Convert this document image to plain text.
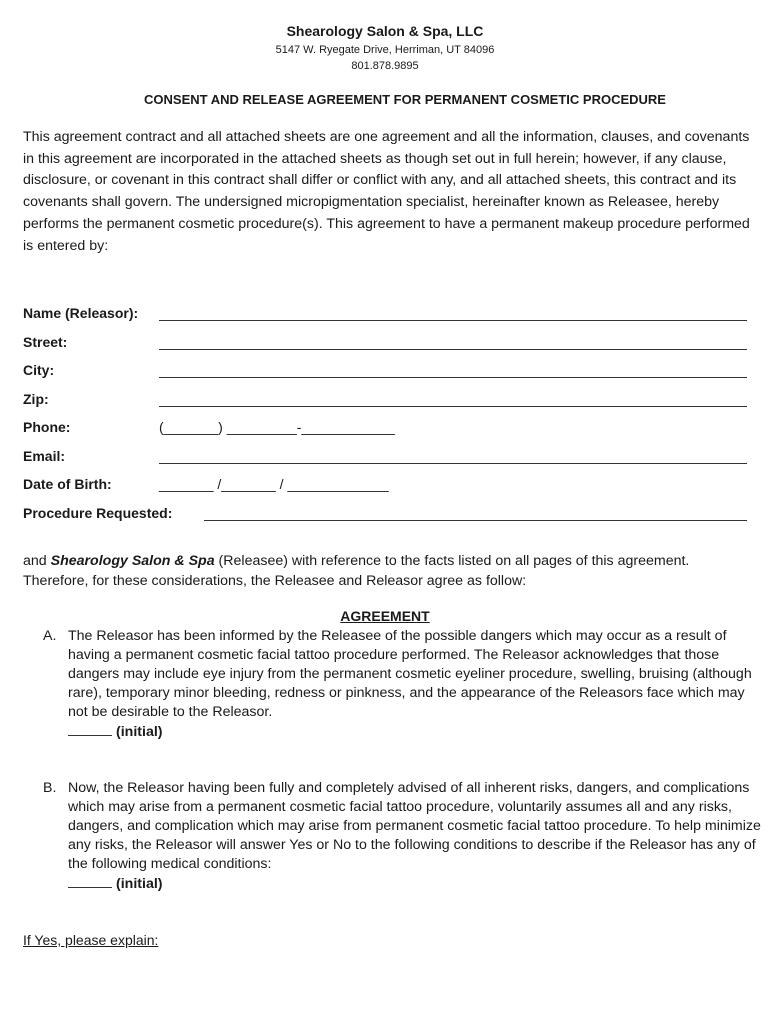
Shearology Salon & Spa, LLC
5147 W. Ryegate Drive, Herriman, UT 84096
801.878.9895
CONSENT AND RELEASE AGREEMENT FOR PERMANENT COSMETIC PROCEDURE
This agreement contract and all attached sheets are one agreement and all the information, clauses, and covenants in this agreement are incorporated in the attached sheets as though set out in full herein; however, if any clause, disclosure, or covenant in this contract shall differ or conflict with any, and all attached sheets, this contract and its covenants shall govern. The undersigned micropigmentation specialist, hereinafter known as Releasee, hereby performs the permanent cosmetic procedure(s). This agreement to have a permanent makeup procedure performed is entered by:
Name (Releasor):
Street:
City:
Zip:
Phone:	(_______) _________-____________
Email:
Date of Birth:	_______ /_______ / _____________
Procedure Requested:
and Shearology Salon & Spa (Releasee) with reference to the facts listed on all pages of this agreement. Therefore, for these considerations, the Releasee and Releasor agree as follow:
AGREEMENT
A. The Releasor has been informed by the Releasee of the possible dangers which may occur as a result of having a permanent cosmetic facial tattoo procedure performed. The Releasor acknowledges that those dangers may include eye injury from the permanent cosmetic eyeliner procedure, swelling, bruising (although rare), temporary minor bleeding, redness or pinkness, and the appearance of the Releasors face which may not be desirable to the Releasor.
(initial)
B. Now, the Releasor having been fully and completely advised of all inherent risks, dangers, and complications which may arise from a permanent cosmetic facial tattoo procedure, voluntarily assumes all and any risks, dangers, and complication which may arise from permanent cosmetic facial tattoo procedure. To help minimize any risks, the Releasor will answer Yes or No to the following conditions to describe if the Releasor has any of the following medical conditions:
(initial)
If Yes, please explain:
